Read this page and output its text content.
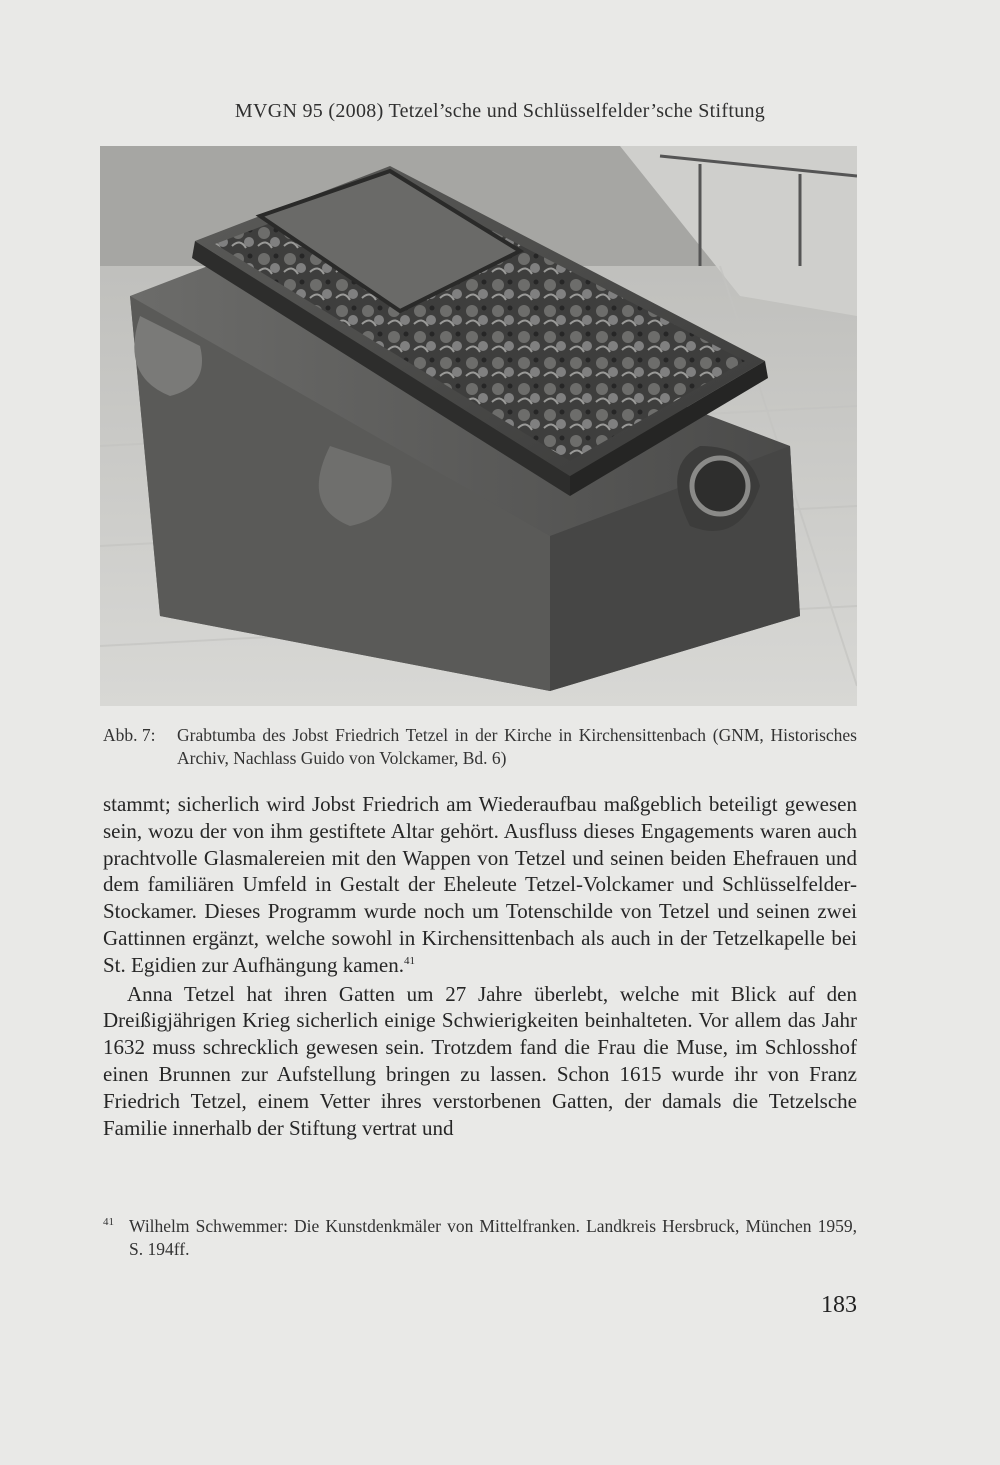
MVGN 95 (2008) Tetzel’sche und Schlüsselfelder’sche Stiftung
Abb. 7: Grabtumba des Jobst Friedrich Tetzel in der Kirche in Kirchensittenbach (GNM, Historisches Archiv, Nachlass Guido von Volckamer, Bd. 6)

stammt; sicherlich wird Jobst Friedrich am Wiederaufbau maßgeblich beteiligt gewesen sein, wozu der von ihm gestiftete Altar gehört. Ausfluss dieses Engagements waren auch prachtvolle Glasmalereien mit den Wappen von Tetzel und seinen beiden Ehefrauen und dem familiären Umfeld in Gestalt der Eheleute Tetzel-Volckamer und Schlüsselfelder-Stockamer. Dieses Programm wurde noch um Totenschilde von Tetzel und seinen zwei Gattinnen ergänzt, welche sowohl in Kirchensittenbach als auch in der Tetzelkapelle bei St. Egidien zur Aufhängung kamen.$^{41}$

Anna Tetzel hat ihren Gatten um 27 Jahre überlebt, welche mit Blick auf den Dreißigjährigen Krieg sicherlich einige Schwierigkeiten beinhalteten. Vor allem das Jahr 1632 muss schrecklich gewesen sein. Trotzdem fand die Frau die Muse, im Schlosshof einen Brunnen zur Aufstellung bringen zu lassen. Schon 1615 wurde ihr von Franz Friedrich Tetzel, einem Vetter ihres verstorbenen Gatten, der damals die Tetzelsche Familie innerhalb der Stiftung vertrat und

41 Wilhelm Schwemmer: Die Kunstdenkmäler von Mittelfranken. Landkreis Hersbruck, München 1959, S. 194ff.
183
